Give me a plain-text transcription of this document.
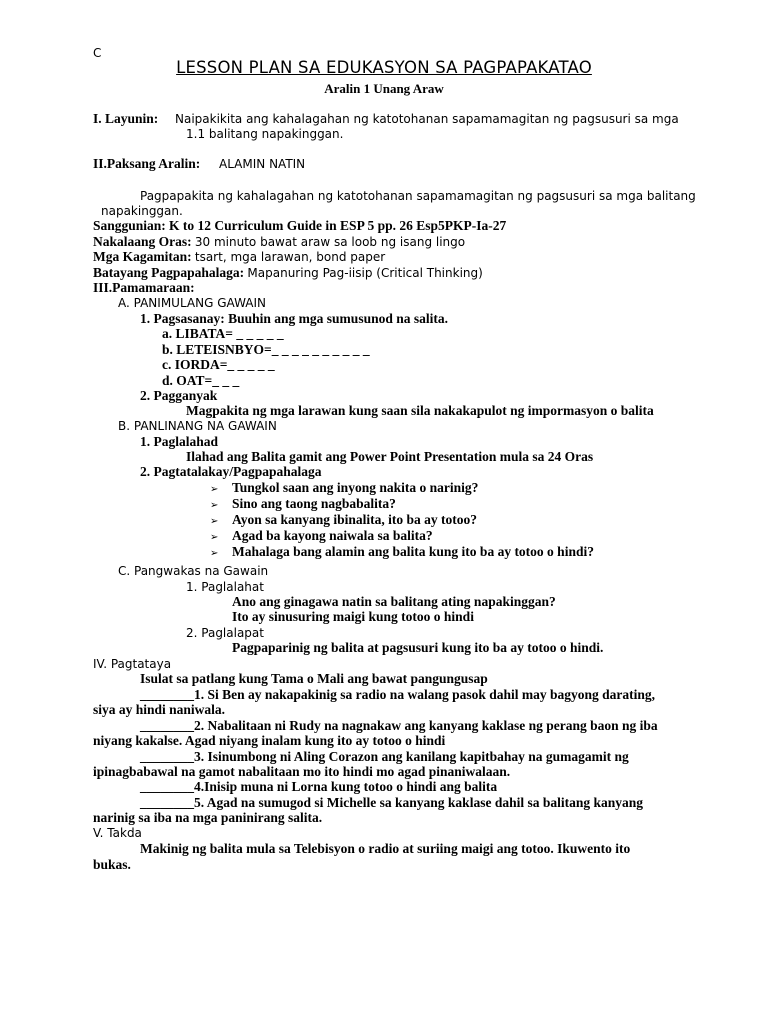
C
LESSON PLAN SA EDUKASYON SA PAGPAPAKATAO
Aralin 1 Unang Araw
I. Layunin: Naipakikita ang kahalagahan ng katotohanan sapamamagitan ng pagsusuri sa mga
1.1 balitang napakinggan.
II.Paksang Aralin: ALAMIN NATIN
Pagpapakita ng kahalagahan ng katotohanan sapamamagitan ng pagsusuri sa mga balitang
napakinggan.
Sanggunian: K to 12 Curriculum Guide in ESP 5 pp. 26 Esp5PKP-Ia-27
Nakalaang Oras: 30 minuto bawat araw sa loob ng isang lingo
Mga Kagamitan: tsart, mga larawan, bond paper
Batayang Pagpapahalaga: Mapanuring Pag-iisip (Critical Thinking)
III.Pamamaraan:
A. PANIMULANG GAWAIN
1. Pagsasanay: Buuhin ang mga sumusunod na salita.
a. LIBATA= _ _ _ _ _
b. LETEISNBYO=_ _ _ _ _ _ _ _ _ _
c. IORDA=_ _ _ _ _
d. OAT=_ _ _
2. Pagganyak
Magpakita ng mga larawan kung saan sila nakakapulot ng impormasyon o balita
B. PANLINANG NA GAWAIN
1. Paglalahad
Ilahad ang Balita gamit ang Power Point Presentation mula sa 24 Oras
2. Pagtatalakay/Pagpapahalaga
➢ Tungkol saan ang inyong nakita o narinig?
➢ Sino ang taong nagbabalita?
➢ Ayon sa kanyang ibinalita, ito ba ay totoo?
➢ Agad ba kayong naiwala sa balita?
➢ Mahalaga bang alamin ang balita kung ito ba ay totoo o hindi?
C. Pangwakas na Gawain
1. Paglalahat
Ano ang ginagawa natin sa balitang ating napakinggan?
Ito ay sinusuring maigi kung totoo o hindi
2. Paglalapat
Pagpaparinig ng balita at pagsusuri kung ito ba ay totoo o hindi.
IV. Pagtataya
Isulat sa patlang kung Tama o Mali ang bawat pangungusap
________1. Si Ben ay nakapakinig sa radio na walang pasok dahil may bagyong darating,
siya ay hindi naniwala.
________2. Nabalitaan ni Rudy na nagnakaw ang kanyang kaklase ng perang baon ng iba
niyang kakalse. Agad niyang inalam kung ito ay totoo o hindi
________3. Isinumbong ni Aling Corazon ang kanilang kapitbahay na gumagamit ng
ipinagbabawal na gamot nabalitaan mo ito hindi mo agad pinaniwalaan.
________4.Inisip muna ni Lorna kung totoo o hindi ang balita
________5. Agad na sumugod si Michelle sa kanyang kaklase dahil sa balitang kanyang
narinig sa iba na mga paninirang salita.
V. Takda
Makinig ng balita mula sa Telebisyon o radio at suriing maigi ang totoo. Ikuwento ito
bukas.
